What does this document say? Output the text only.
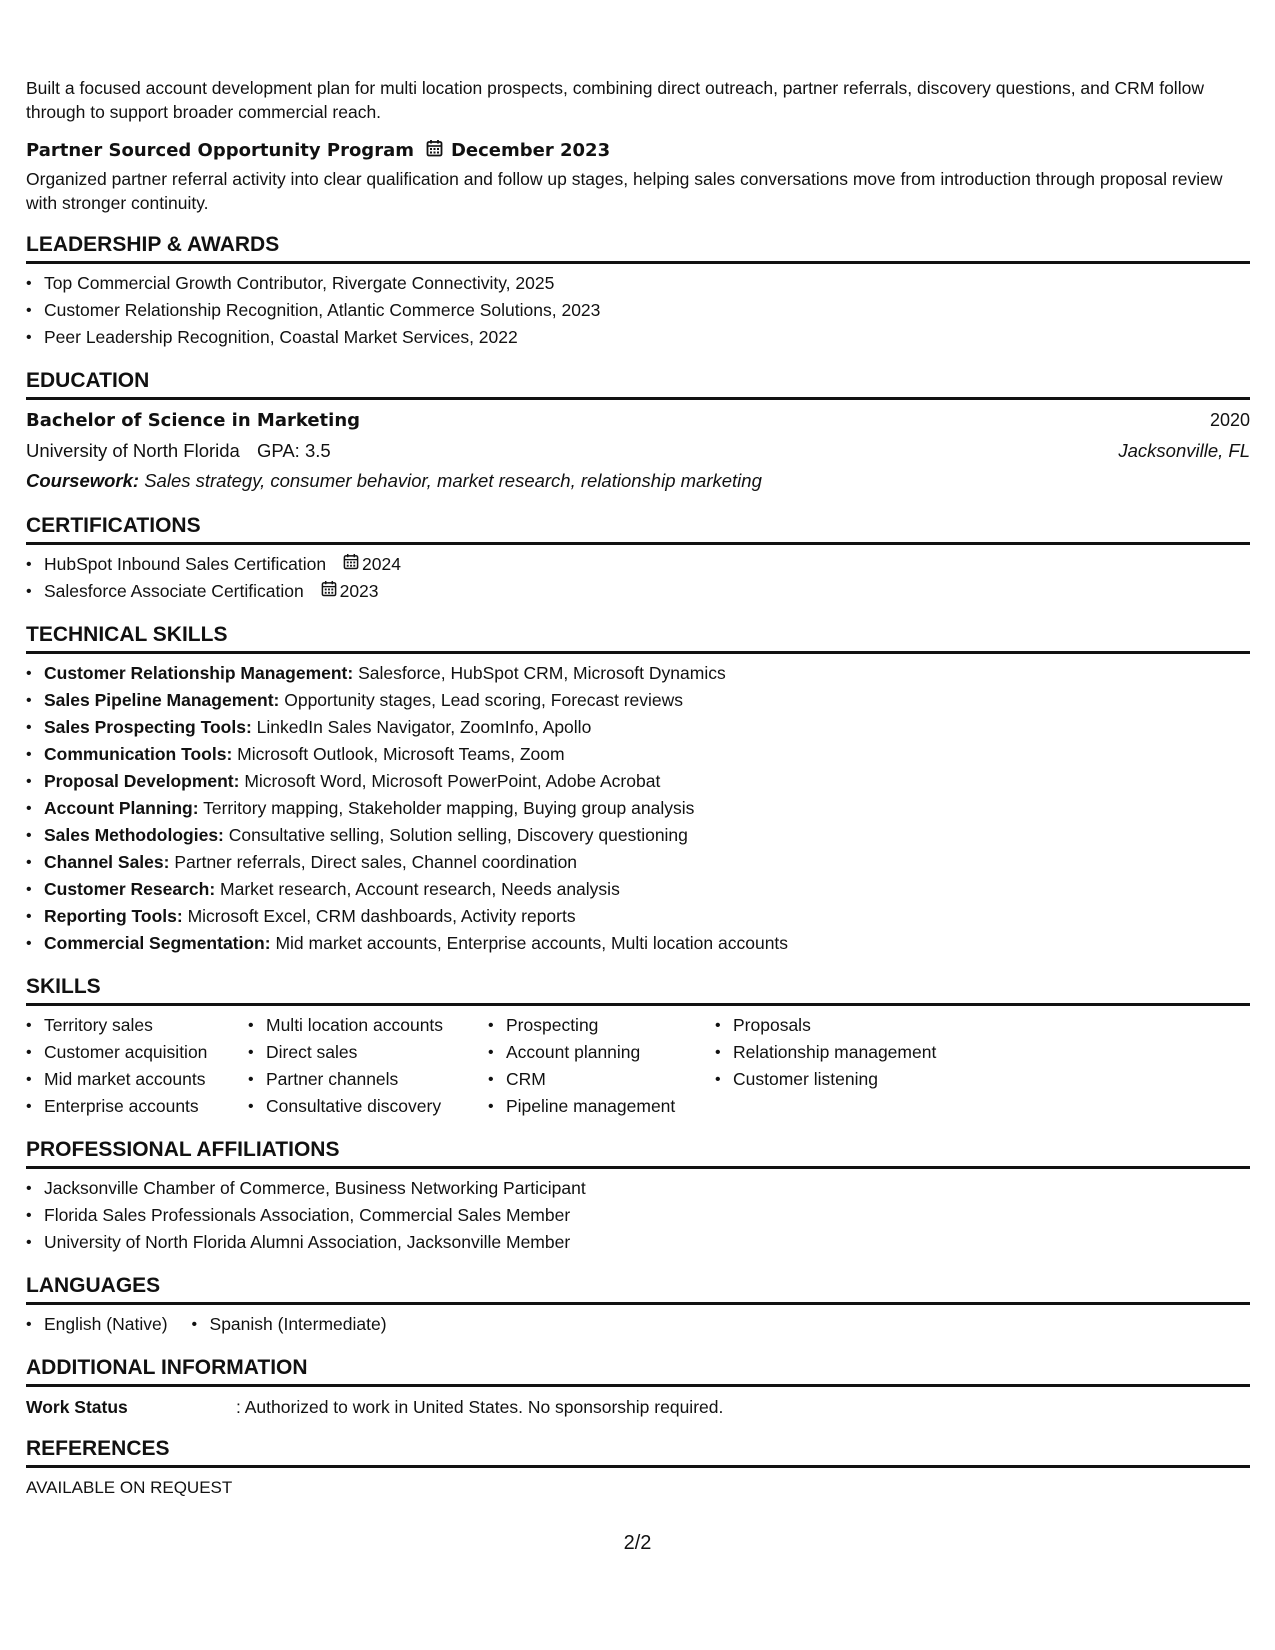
Built a focused account development plan for multi location prospects, combining direct outreach, partner referrals, discovery questions, and CRM follow through to support broader commercial reach.

Partner Sourced Opportunity Program December 2023

Organized partner referral activity into clear qualification and follow up stages, helping sales conversations move from introduction through proposal review with stronger continuity.

LEADERSHIP & AWARDS
• Top Commercial Growth Contributor, Rivergate Connectivity, 2025
• Customer Relationship Recognition, Atlantic Commerce Solutions, 2023
• Peer Leadership Recognition, Coastal Market Services, 2022
EDUCATION
Bachelor of Science in Marketing	2020
University of North Florida GPA: 3.5	Jacksonville, FL
Coursework: Sales strategy, consumer behavior, market research, relationship marketing
CERTIFICATIONS
• HubSpot Inbound Sales Certification 2024
• Salesforce Associate Certification 2023
TECHNICAL SKILLS
• Customer Relationship Management: Salesforce, HubSpot CRM, Microsoft Dynamics
• Sales Pipeline Management: Opportunity stages, Lead scoring, Forecast reviews
• Sales Prospecting Tools: LinkedIn Sales Navigator, ZoomInfo, Apollo
• Communication Tools: Microsoft Outlook, Microsoft Teams, Zoom
• Proposal Development: Microsoft Word, Microsoft PowerPoint, Adobe Acrobat
• Account Planning: Territory mapping, Stakeholder mapping, Buying group analysis
• Sales Methodologies: Consultative selling, Solution selling, Discovery questioning
• Channel Sales: Partner referrals, Direct sales, Channel coordination
• Customer Research: Market research, Account research, Needs analysis
• Reporting Tools: Microsoft Excel, CRM dashboards, Activity reports
• Commercial Segmentation: Mid market accounts, Enterprise accounts, Multi location accounts
SKILLS
• Territory sales
• Customer acquisition
• Mid market accounts
• Enterprise accounts
• Multi location accounts
• Direct sales
• Partner channels
• Consultative discovery
• Prospecting
• Account planning
• CRM
• Pipeline management
• Proposals
• Relationship management
• Customer listening
PROFESSIONAL AFFILIATIONS
• Jacksonville Chamber of Commerce, Business Networking Participant
• Florida Sales Professionals Association, Commercial Sales Member
• University of North Florida Alumni Association, Jacksonville Member
LANGUAGES
• English (Native)
•	Spanish (Intermediate)
ADDITIONAL INFORMATION
Work Status	: Authorized to work in United States. No sponsorship required.
REFERENCES
AVAILABLE ON REQUEST
2/2
